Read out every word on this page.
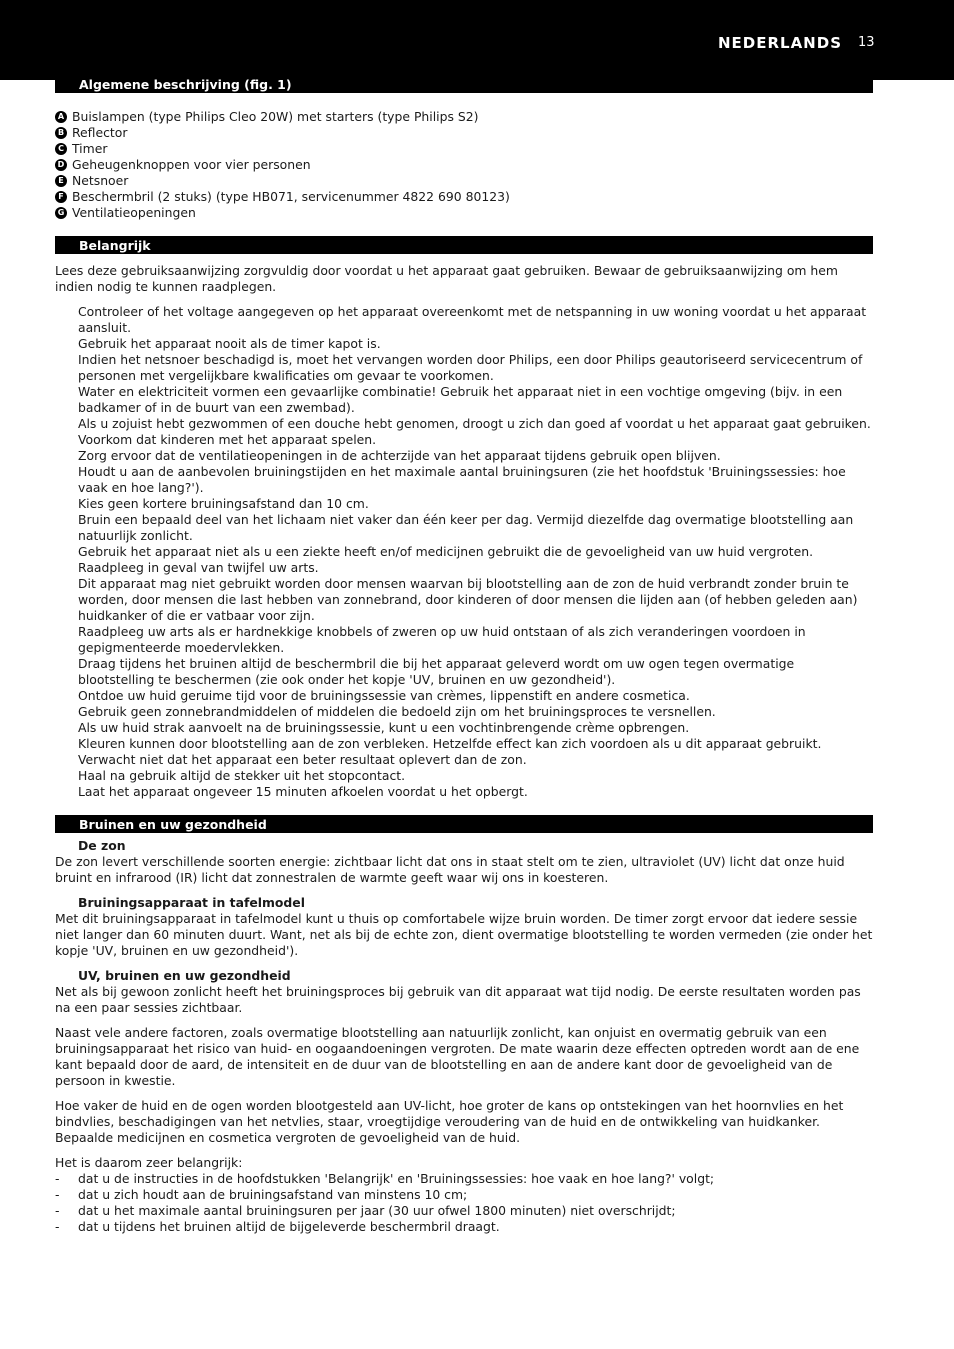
NEDERLANDS 13
Algemene beschrijving (fig. 1)
A Buislampen (type Philips Cleo 20W) met starters (type Philips S2)
B Reflector
C Timer
D Geheugenknoppen voor vier personen
E Netsnoer
F Beschermbril (2 stuks) (type HB071, servicenummer 4822 690 80123)
G Ventilatieopeningen
Belangrijk

Lees deze gebruiksaanwijzing zorgvuldig door voordat u het apparaat gaat gebruiken. Bewaar de gebruiksaanwijzing om hem indien nodig te kunnen raadplegen.

Controleer of het voltage aangegeven op het apparaat overeenkomt met de netspanning in uw woning voordat u het apparaat aansluit.

Gebruik het apparaat nooit als de timer kapot is.

Indien het netsnoer beschadigd is, moet het vervangen worden door Philips, een door Philips geautoriseerd servicecentrum of personen met vergelijkbare kwalificaties om gevaar te voorkomen.

Water en elektriciteit vormen een gevaarlijke combinatie! Gebruik het apparaat niet in een vochtige omgeving (bijv. in een badkamer of in de buurt van een zwembad).

Als u zojuist hebt gezwommen of een douche hebt genomen, droogt u zich dan goed af voordat u het apparaat gaat gebruiken.

Voorkom dat kinderen met het apparaat spelen.

Zorg ervoor dat de ventilatieopeningen in de achterzijde van het apparaat tijdens gebruik open blijven.

Houdt u aan de aanbevolen bruiningstijden en het maximale aantal bruiningsuren (zie het hoofdstuk 'Bruiningssessies: hoe vaak en hoe lang?').

Kies geen kortere bruiningsafstand dan 10 cm.

Bruin een bepaald deel van het lichaam niet vaker dan één keer per dag. Vermijd diezelfde dag overmatige blootstelling aan natuurlijk zonlicht.

Gebruik het apparaat niet als u een ziekte heeft en/of medicijnen gebruikt die de gevoeligheid van uw huid vergroten. Raadpleeg in geval van twijfel uw arts.

Dit apparaat mag niet gebruikt worden door mensen waarvan bij blootstelling aan de zon de huid verbrandt zonder bruin te worden, door mensen die last hebben van zonnebrand, door kinderen of door mensen die lijden aan (of hebben geleden aan) huidkanker of die er vatbaar voor zijn.

Raadpleeg uw arts als er hardnekkige knobbels of zweren op uw huid ontstaan of als zich veranderingen voordoen in gepigmenteerde moedervlekken.

Draag tijdens het bruinen altijd de beschermbril die bij het apparaat geleverd wordt om uw ogen tegen overmatige blootstelling te beschermen (zie ook onder het kopje 'UV, bruinen en uw gezondheid').

Ontdoe uw huid geruime tijd voor de bruiningssessie van crèmes, lippenstift en andere cosmetica.

Gebruik geen zonnebrandmiddelen of middelen die bedoeld zijn om het bruiningsproces te versnellen.

Als uw huid strak aanvoelt na de bruiningssessie, kunt u een vochtinbrengende crème opbrengen.

Kleuren kunnen door blootstelling aan de zon verbleken. Hetzelfde effect kan zich voordoen als u dit apparaat gebruikt.

Verwacht niet dat het apparaat een beter resultaat oplevert dan de zon.

Haal na gebruik altijd de stekker uit het stopcontact.

Laat het apparaat ongeveer 15 minuten afkoelen voordat u het opbergt.

Bruinen en uw gezondheid

De zon

De zon levert verschillende soorten energie: zichtbaar licht dat ons in staat stelt om te zien, ultraviolet (UV) licht dat onze huid bruint en infrarood (IR) licht dat zonnestralen de warmte geeft waar wij ons in koesteren.

Bruiningsapparaat in tafelmodel

Met dit bruiningsapparaat in tafelmodel kunt u thuis op comfortabele wijze bruin worden. De timer zorgt ervoor dat iedere sessie niet langer dan 60 minuten duurt. Want, net als bij de echte zon, dient overmatige blootstelling te worden vermeden (zie onder het kopje 'UV, bruinen en uw gezondheid').

UV, bruinen en uw gezondheid

Net als bij gewoon zonlicht heeft het bruiningsproces bij gebruik van dit apparaat wat tijd nodig. De eerste resultaten worden pas na een paar sessies zichtbaar.

Naast vele andere factoren, zoals overmatige blootstelling aan natuurlijk zonlicht, kan onjuist en overmatig gebruik van een bruiningsapparaat het risico van huid- en oogaandoeningen vergroten. De mate waarin deze effecten optreden wordt aan de ene kant bepaald door de aard, de intensiteit en de duur van de blootstelling en aan de andere kant door de gevoeligheid van de persoon in kwestie.

Hoe vaker de huid en de ogen worden blootgesteld aan UV-licht, hoe groter de kans op ontstekingen van het hoornvlies en het bindvlies, beschadigingen van het netvlies, staar, vroegtijdige veroudering van de huid en de ontwikkeling van huidkanker. Bepaalde medicijnen en cosmetica vergroten de gevoeligheid van de huid.

Het is daarom zeer belangrijk:

-	dat u de instructies in de hoofdstukken 'Belangrijk' en 'Bruiningssessies: hoe vaak en hoe lang?' volgt;
-	dat u zich houdt aan de bruiningsafstand van minstens 10 cm;
-	dat u het maximale aantal bruiningsuren per jaar (30 uur ofwel 1800 minuten) niet overschrijdt;
-	dat u tijdens het bruinen altijd de bijgeleverde beschermbril draagt.
